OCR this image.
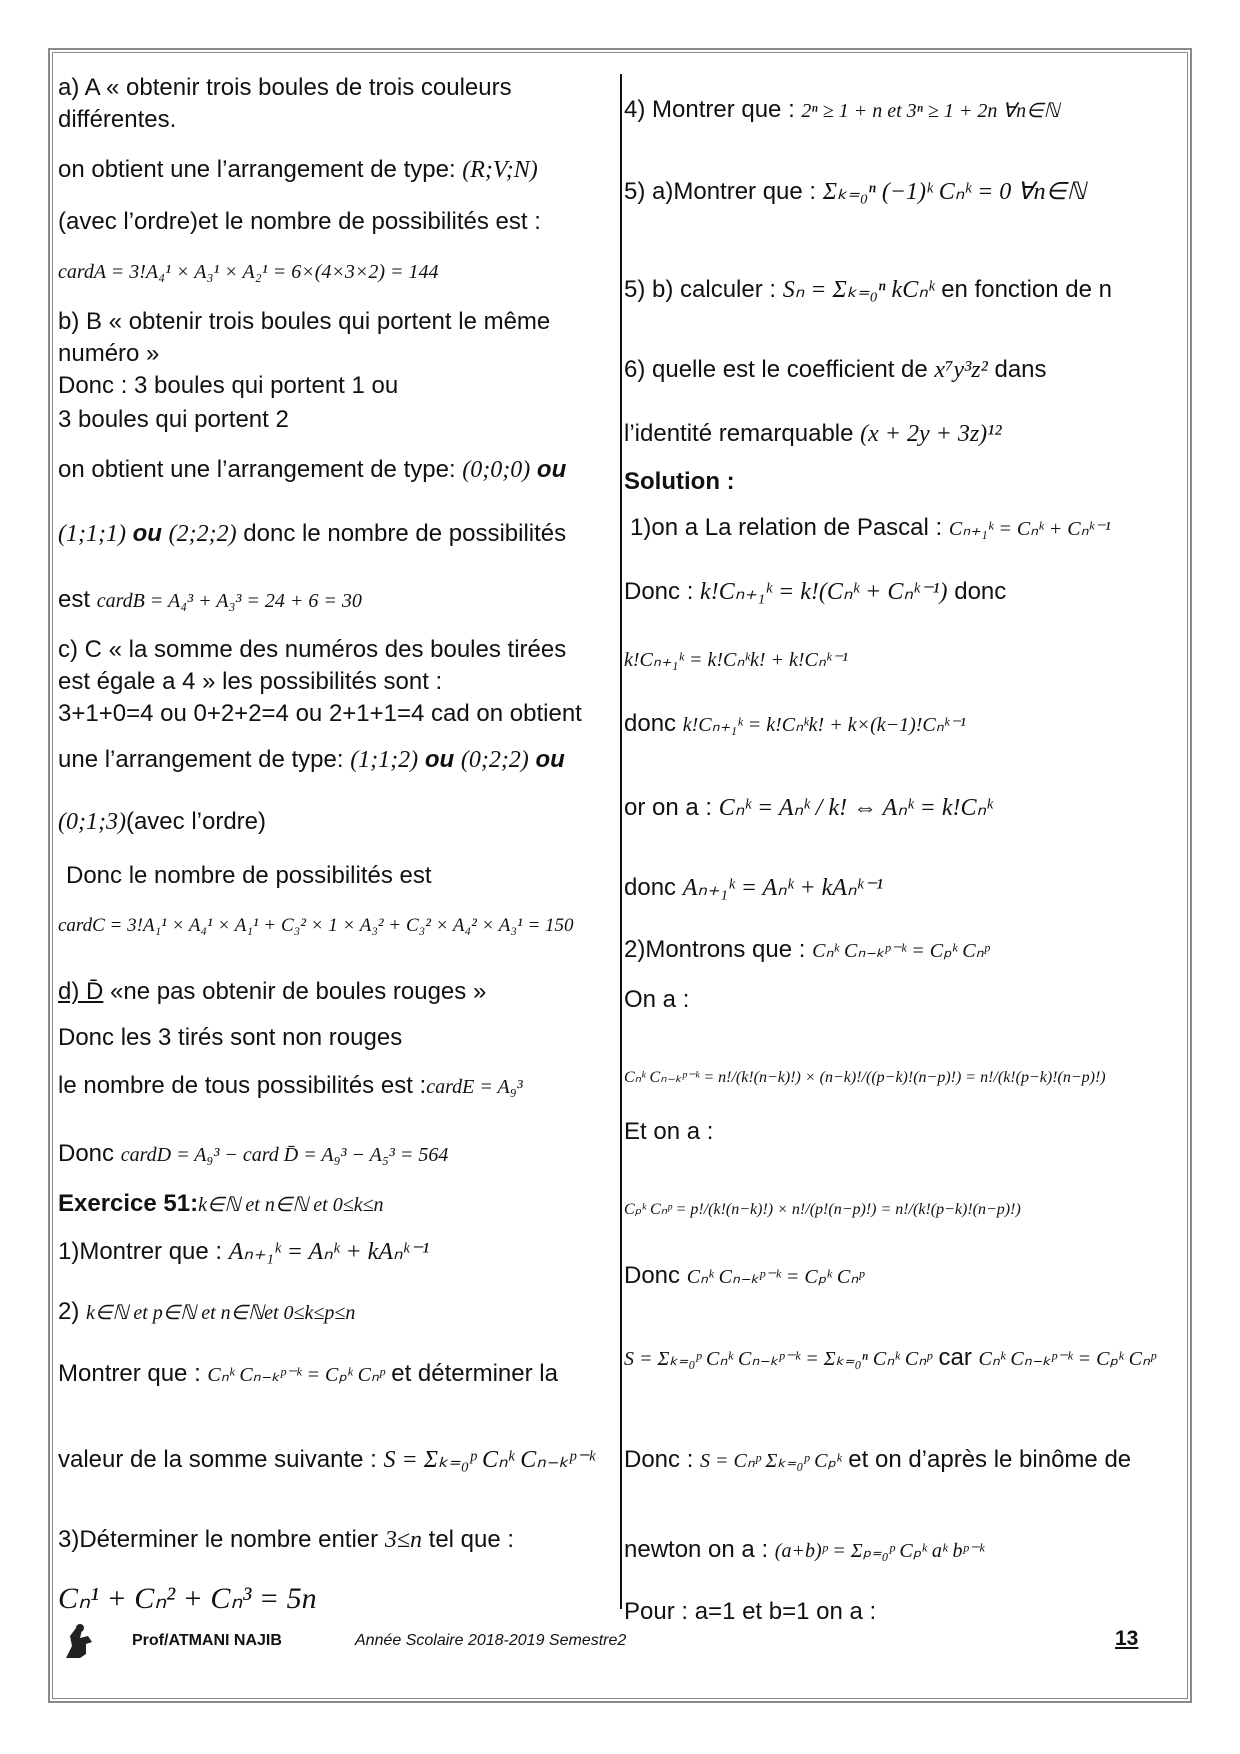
a) A « obtenir trois boules de trois couleurs
différentes.
on obtient une l’arrangement de type: (R;V;N)
(avec l’ordre)et le nombre de possibilités est :
cardA = 3!A₄¹ × A₃¹ × A₂¹ = 6×(4×3×2) = 144
b) B « obtenir trois boules qui portent le même
numéro »
Donc : 3 boules qui portent 1 ou
3 boules qui portent 2
on obtient une l’arrangement de type: (0;0;0) ou
(1;1;1) ou (2;2;2) donc le nombre de possibilités
est cardB = A₄³ + A₃³ = 24 + 6 = 30
c) C « la somme des numéros des boules tirées
est égale a 4 » les possibilités sont :
3+1+0=4 ou 0+2+2=4 ou 2+1+1=4 cad on obtient
une l’arrangement de type: (1;1;2) ou (0;2;2) ou
(0;1;3)(avec l’ordre)
Donc le nombre de possibilités est
cardC = 3!A₁¹ × A₄¹ × A₁¹ + C₃² × 1 × A₃² + C₃² × A₄² × A₃¹ = 150
d) D̄ «ne pas obtenir de boules rouges »
Donc les 3 tirés sont non rouges
le nombre de tous possibilités est :cardE = A₉³
Donc cardD = A₉³ − card D̄ = A₉³ − A₅³ = 564
Exercice 51:k∈ℕ et n∈ℕ et 0≤k≤n
1)Montrer que : Aₙ₊₁ᵏ = Aₙᵏ + kAₙᵏ⁻¹
2) k∈ℕ et p∈ℕ et n∈ℕet 0≤k≤p≤n
Montrer que : Cₙᵏ Cₙ₋ₖᵖ⁻ᵏ = Cₚᵏ Cₙᵖ et déterminer la
valeur de la somme suivante : S = Σₖ₌₀ᵖ Cₙᵏ Cₙ₋ₖᵖ⁻ᵏ
3)Déterminer le nombre entier 3≤n tel que :
Cₙ¹ + Cₙ² + Cₙ³ = 5n
4) Montrer que : 2ⁿ ≥ 1 + n et 3ⁿ ≥ 1 + 2n ∀n∈ℕ
5) a)Montrer que : Σₖ₌₀ⁿ (−1)ᵏ Cₙᵏ = 0 ∀n∈ℕ
5) b) calculer : Sₙ = Σₖ₌₀ⁿ kCₙᵏ en fonction de n
6) quelle est le coefficient de x⁷y³z² dans
l’identité remarquable (x + 2y + 3z)¹²
Solution :
1)on a La relation de Pascal : Cₙ₊₁ᵏ = Cₙᵏ + Cₙᵏ⁻¹
Donc : k!Cₙ₊₁ᵏ = k!(Cₙᵏ + Cₙᵏ⁻¹) donc
k!Cₙ₊₁ᵏ = k!Cₙᵏk! + k!Cₙᵏ⁻¹
donc k!Cₙ₊₁ᵏ = k!Cₙᵏk! + k×(k−1)!Cₙᵏ⁻¹
or on a : Cₙᵏ = Aₙᵏ / k! ⇔ Aₙᵏ = k!Cₙᵏ
donc Aₙ₊₁ᵏ = Aₙᵏ + kAₙᵏ⁻¹
2)Montrons que : Cₙᵏ Cₙ₋ₖᵖ⁻ᵏ = Cₚᵏ Cₙᵖ
On a :
Cₙᵏ Cₙ₋ₖᵖ⁻ᵏ = n!/(k!(n−k)!) × (n−k)!/((p−k)!(n−p)!) = n!/(k!(p−k)!(n−p)!)
Et on a :
Cₚᵏ Cₙᵖ = p!/(k!(n−k)!) × n!/(p!(n−p)!) = n!/(k!(p−k)!(n−p)!)
Donc Cₙᵏ Cₙ₋ₖᵖ⁻ᵏ = Cₚᵏ Cₙᵖ
S = Σₖ₌₀ᵖ Cₙᵏ Cₙ₋ₖᵖ⁻ᵏ = Σₖ₌₀ⁿ Cₙᵏ Cₙᵖ car Cₙᵏ Cₙ₋ₖᵖ⁻ᵏ = Cₚᵏ Cₙᵖ
Donc : S = Cₙᵖ Σₖ₌₀ᵖ Cₚᵏ et on d’après le binôme de
newton on a : (a+b)ᵖ = Σₚ₌₀ᵖ Cₚᵏ aᵏ bᵖ⁻ᵏ
Pour : a=1 et b=1 on a :
Prof/ATMANI NAJIB	Année Scolaire 2018-2019 Semestre2	13
